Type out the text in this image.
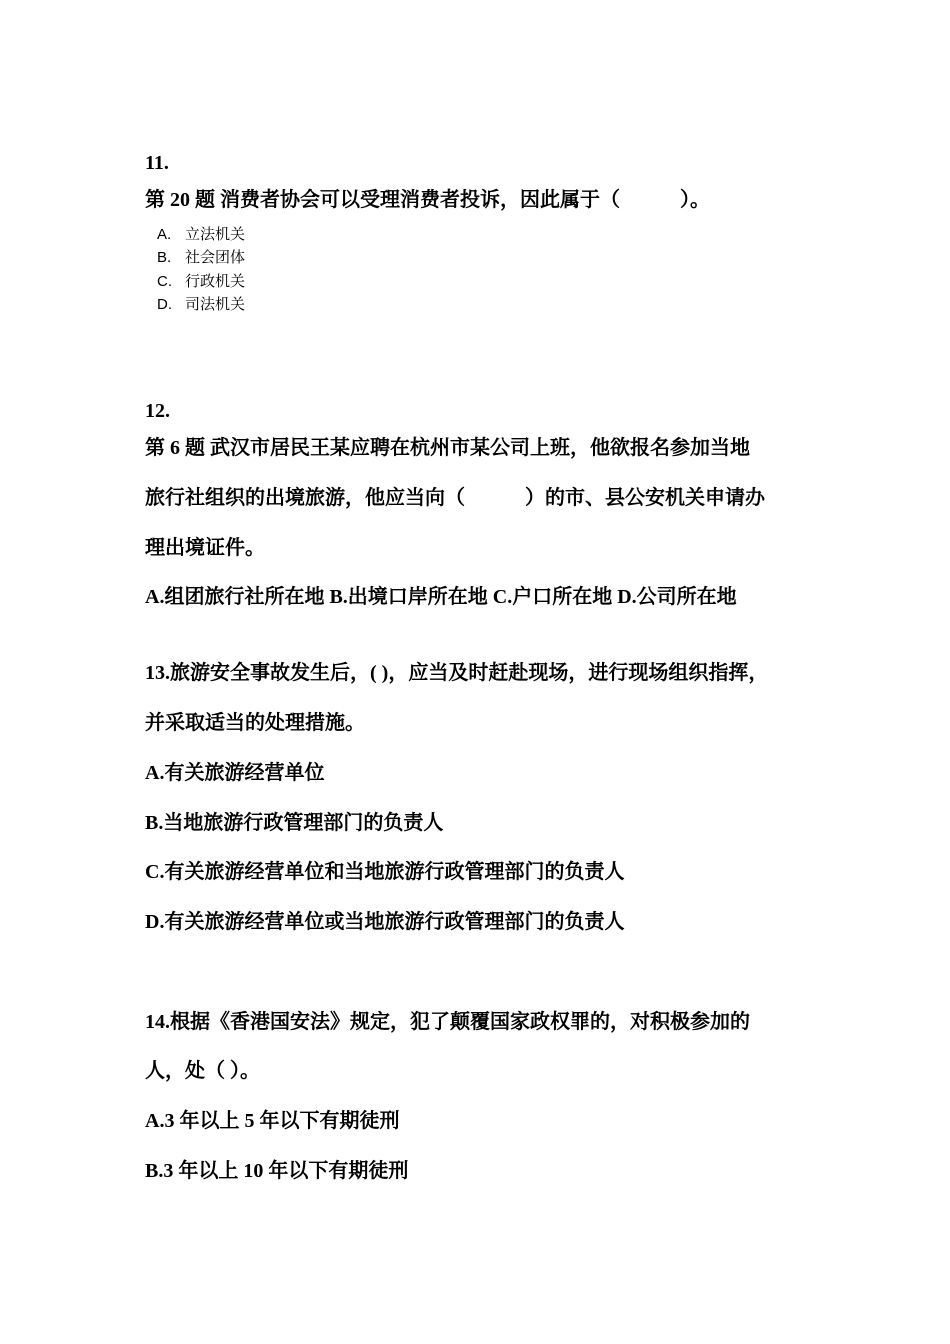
11.
第 20 题 消费者协会可以受理消费者投诉，因此属于（　　　）。
A. 立法机关
B. 社会团体
C. 行政机关
D. 司法机关
12.
第 6 题 武汉市居民王某应聘在杭州市某公司上班，他欲报名参加当地
旅行社组织的出境旅游，他应当向（　　　）的市、县公安机关申请办
理出境证件。
A.组团旅行社所在地 B.出境口岸所在地 C.户口所在地 D.公司所在地
13.旅游安全事故发生后，( )，应当及时赶赴现场，进行现场组织指挥，
并采取适当的处理措施。
A.有关旅游经营单位
B.当地旅游行政管理部门的负责人
C.有关旅游经营单位和当地旅游行政管理部门的负责人
D.有关旅游经营单位或当地旅游行政管理部门的负责人
14.根据《香港国安法》规定，犯了颠覆国家政权罪的，对积极参加的
人，处（ ）。
A.3 年以上 5 年以下有期徒刑
B.3 年以上 10 年以下有期徒刑
